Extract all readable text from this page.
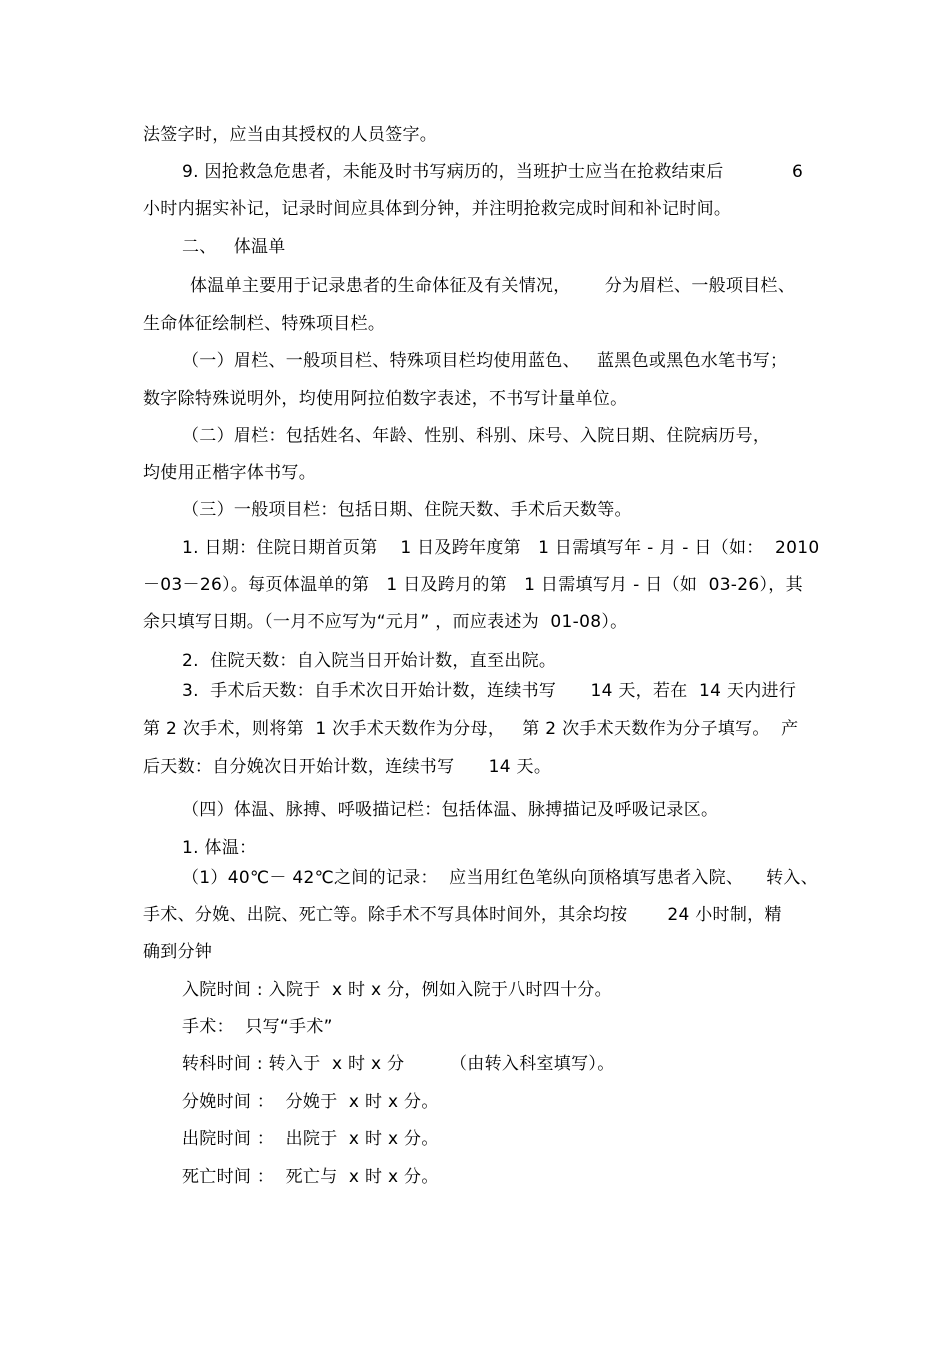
法签字时，应当由其授权的人员签字。
9. 因抢救急危患者，未能及时书写病历的，当班护士应当在抢救结束后            6
小时内据实补记，记录时间应具体到分钟，并注明抢救完成时间和补记时间。
二、   体温单
体温单主要用于记录患者的生命体征及有关情况，      分为眉栏、一般项目栏、
生命体征绘制栏、特殊项目栏。
（一）眉栏、一般项目栏、特殊项目栏均使用蓝色、   蓝黑色或黑色水笔书写；
数字除特殊说明外，均使用阿拉伯数字表述，不书写计量单位。
（二）眉栏：包括姓名、年龄、性别、科别、床号、入院日期、住院病历号，
均使用正楷字体书写。
（三）一般项目栏：包括日期、住院天数、手术后天数等。
1. 日期：住院日期首页第    1 日及跨年度第   1 日需填写年 - 月 - 日（如：  2010
－03－26）。每页体温单的第   1 日及跨月的第   1 日需填写月 - 日（如  03-26），其
余只填写日期。（一月不应写为“元月” ，而应表述为  01-08）。
2.  住院天数：自入院当日开始计数，直至出院。
3.  手术后天数：自手术次日开始计数，连续书写      14 天，若在  14 天内进行
第 2 次手术，则将第  1 次手术天数作为分母，   第 2 次手术天数作为分子填写。  产
后天数：自分娩次日开始计数，连续书写      14 天。
（四）体温、脉搏、呼吸描记栏：包括体温、脉搏描记及呼吸记录区。
1. 体温：
（1）40℃－ 42℃之间的记录：  应当用红色笔纵向顶格填写患者入院、    转入、
手术、分娩、出院、死亡等。除手术不写具体时间外，其余均按       24 小时制，精
确到分钟
入院时间 : 入院于  x 时 x 分，例如入院于八时四十分。
手术：  只写“手术”
转科时间 : 转入于  x 时 x 分        （由转入科室填写）。
分娩时间 ：  分娩于  x 时 x 分。
出院时间 ：  出院于  x 时 x 分。
死亡时间 ：  死亡与  x 时 x 分。
